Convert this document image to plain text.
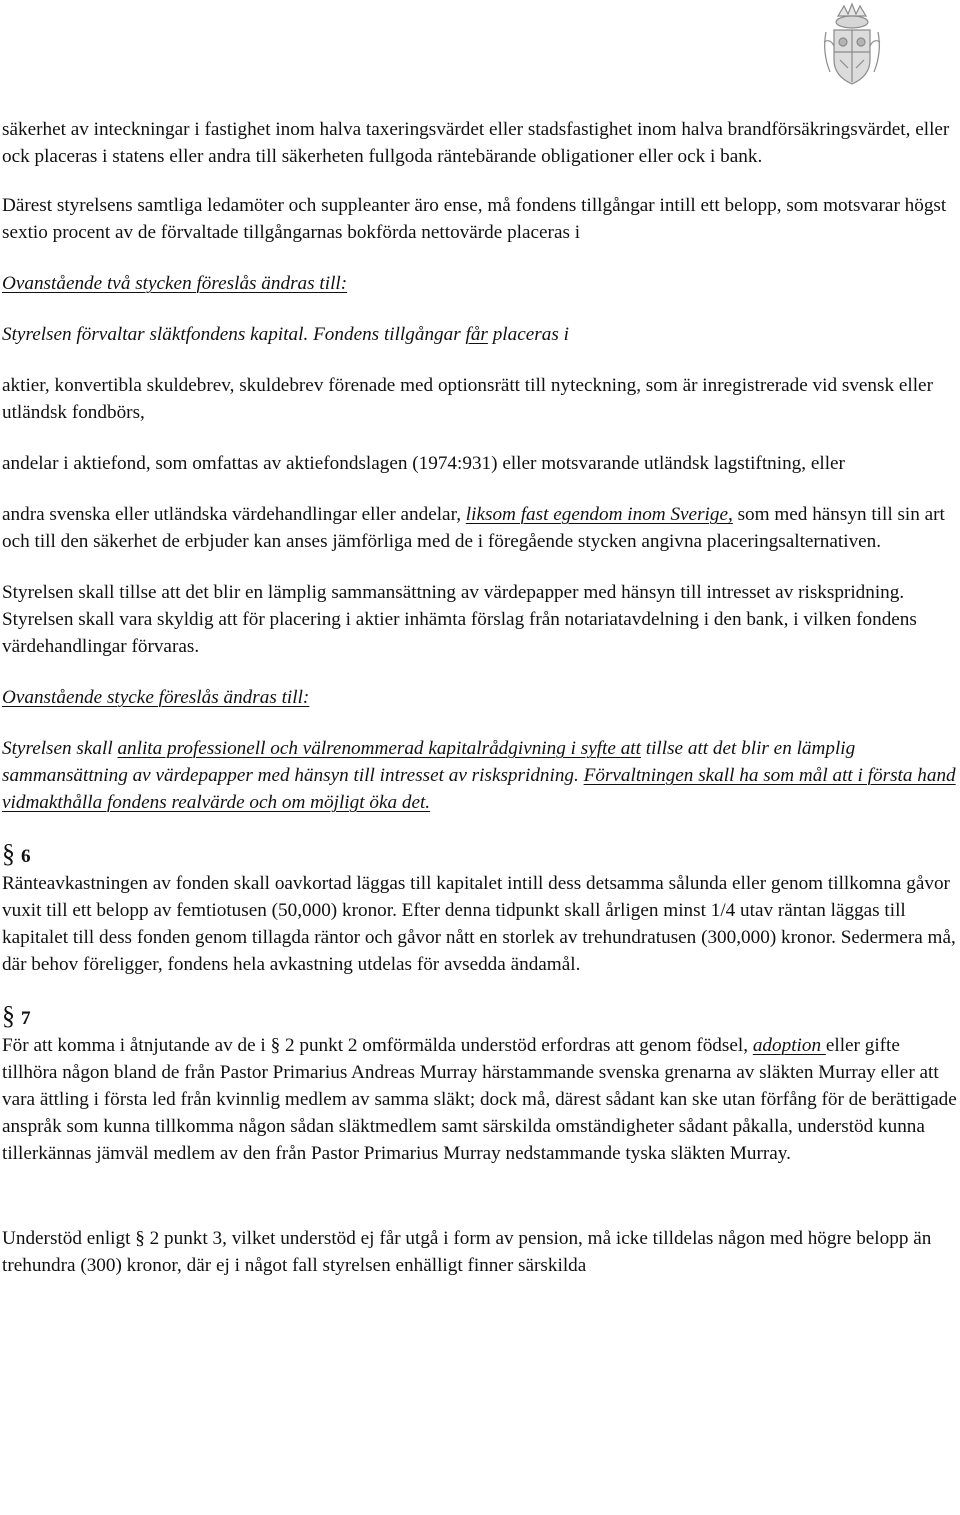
säkerhet av inteckningar i fastighet inom halva taxeringsvärdet eller stadsfastighet inom halva brandförsäkringsvärdet, eller ock placeras i statens eller andra till säkerheten fullgoda räntebärande obligationer eller ock i bank.

Därest styrelsens samtliga ledamöter och suppleanter äro ense, må fondens tillgångar intill ett belopp, som motsvarar högst sextio procent av de förvaltade tillgångarnas bokförda nettovärde placeras i

Ovanstående två stycken föreslås ändras till:

Styrelsen förvaltar släktfondens kapital. Fondens tillgångar får placeras i

aktier, konvertibla skuldebrev, skuldebrev förenade med optionsrätt till nyteckning, som är inregistrerade vid svensk eller utländsk fondbörs,

andelar i aktiefond, som omfattas av aktiefondslagen (1974:931) eller motsvarande utländsk lagstiftning, eller

andra svenska eller utländska värdehandlingar eller andelar, liksom fast egendom inom Sverige, som med hänsyn till sin art och till den säkerhet de erbjuder kan anses jämförliga med de i föregående stycken angivna placeringsalternativen.

Styrelsen skall tillse att det blir en lämplig sammansättning av värdepapper med hänsyn till intresset av riskspridning. Styrelsen skall vara skyldig att för placering i aktier inhämta förslag från notariatavdelning i den bank, i vilken fondens värdehandlingar förvaras.

Ovanstående stycke föreslås ändras till:

Styrelsen skall anlita professionell och välrenommerad kapitalrådgivning i syfte att tillse att det blir en lämplig sammansättning av värdepapper med hänsyn till intresset av riskspridning. Förvaltningen skall ha som mål att i första hand vidmakthålla fondens realvärde och om möjligt öka det.

§ 6

Ränteavkastningen av fonden skall oavkortad läggas till kapitalet intill dess detsamma sålunda eller genom tillkomna gåvor vuxit till ett belopp av femtiotusen (50,000) kronor. Efter denna tidpunkt skall årligen minst 1/4 utav räntan läggas till kapitalet till dess fonden genom tillagda räntor och gåvor nått en storlek av trehundratusen (300,000) kronor. Sedermera må, där behov föreligger, fondens hela avkastning utdelas för avsedda ändamål.

§ 7

För att komma i åtnjutande av de i § 2 punkt 2 omförmälda understöd erfordras att genom födsel, adoption eller gifte tillhöra någon bland de från Pastor Primarius Andreas Murray härstammande svenska grenarna av släkten Murray eller att vara ättling i första led från kvinnlig medlem av samma släkt; dock må, därest sådant kan ske utan förfång för de berättigade anspråk som kunna tillkomma någon sådan släktmedlem samt särskilda omständigheter sådant påkalla, understöd kunna tillerkännas jämväl medlem av den från Pastor Primarius Murray nedstammande tyska släkten Murray.

Understöd enligt § 2 punkt 3, vilket understöd ej får utgå i form av pension, må icke tilldelas någon med högre belopp än trehundra (300) kronor, där ej i något fall styrelsen enhälligt finner särskilda
